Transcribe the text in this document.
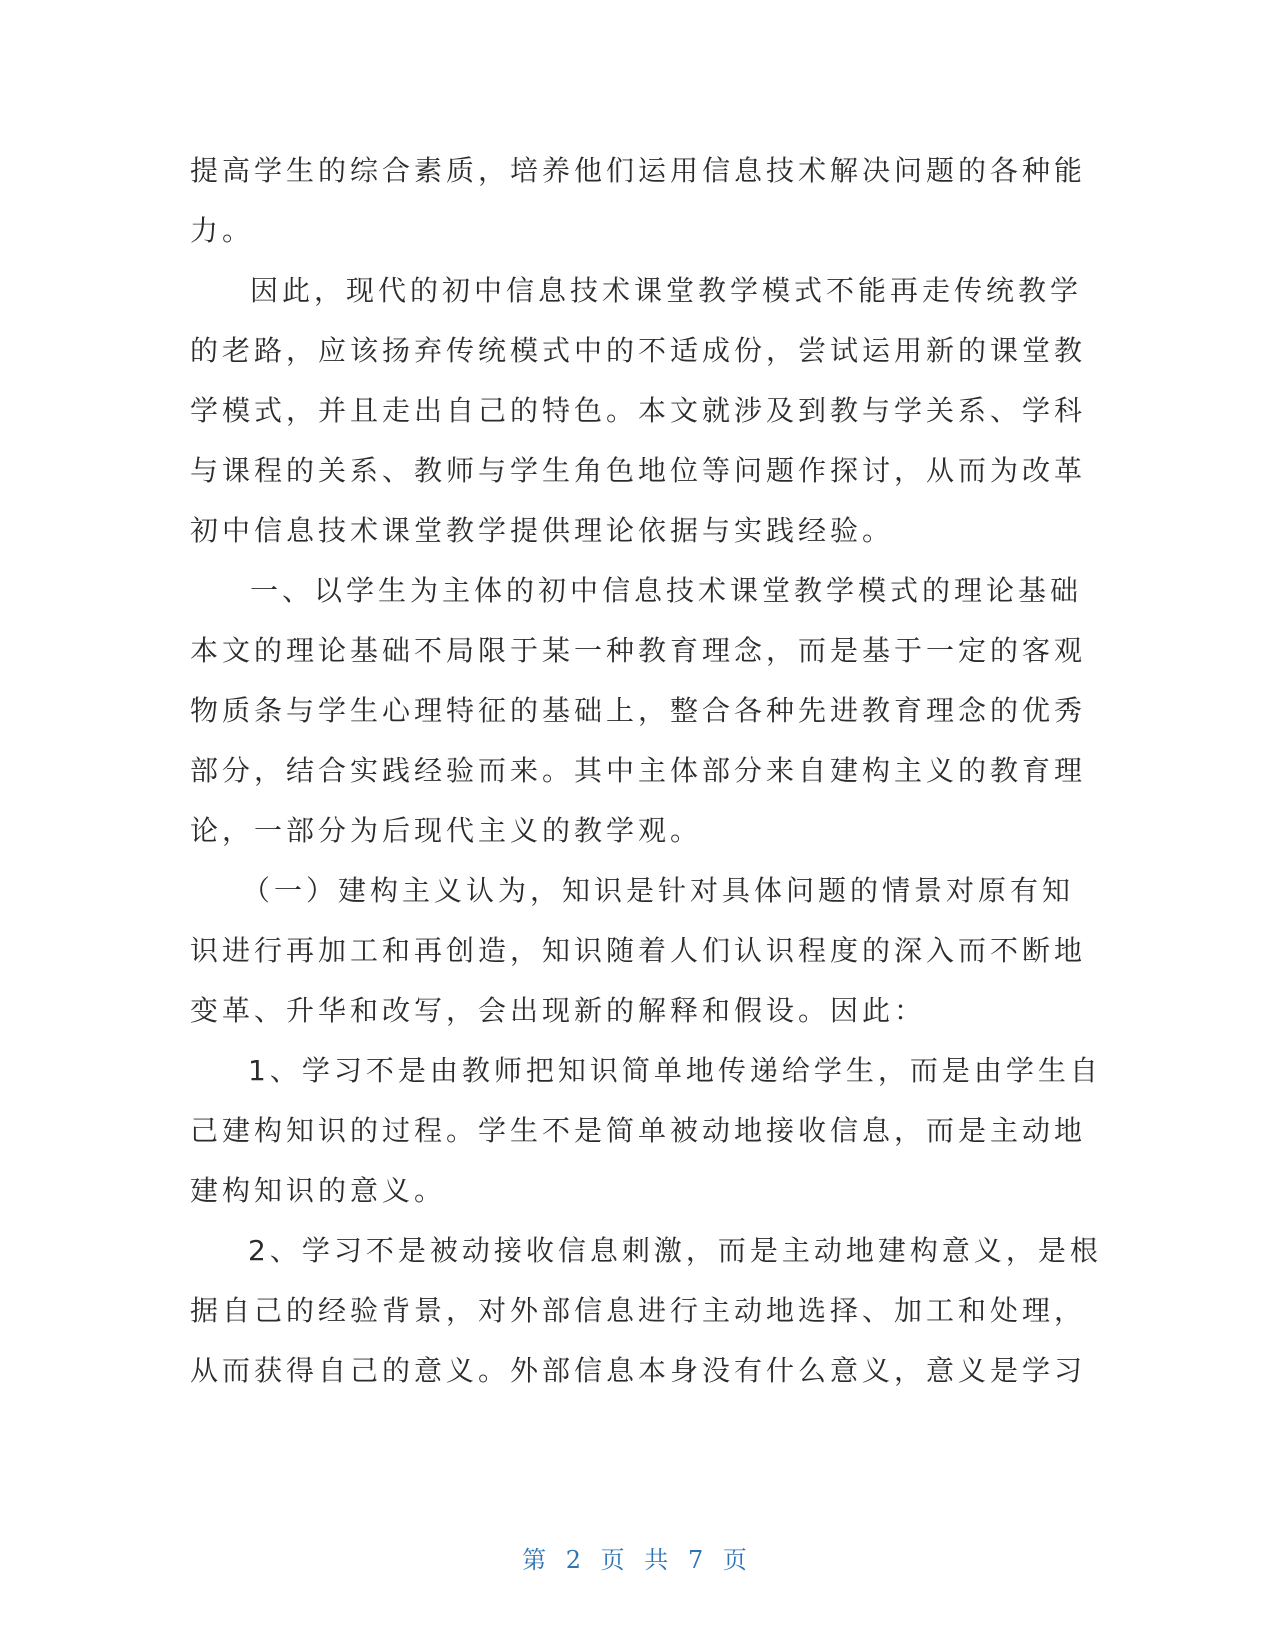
提高学生的综合素质，培养他们运用信息技术解决问题的各种能
力。
因此，现代的初中信息技术课堂教学模式不能再走传统教学
的老路，应该扬弃传统模式中的不适成份，尝试运用新的课堂教
学模式，并且走出自己的特色。本文就涉及到教与学关系、学科
与课程的关系、教师与学生角色地位等问题作探讨，从而为改革
初中信息技术课堂教学提供理论依据与实践经验。
一、以学生为主体的初中信息技术课堂教学模式的理论基础
本文的理论基础不局限于某一种教育理念，而是基于一定的客观
物质条与学生心理特征的基础上，整合各种先进教育理念的优秀
部分，结合实践经验而来。其中主体部分来自建构主义的教育理
论，一部分为后现代主义的教学观。
（一）建构主义认为，知识是针对具体问题的情景对原有知
识进行再加工和再创造，知识随着人们认识程度的深入而不断地
变革、升华和改写，会出现新的解释和假设。因此：
1、学习不是由教师把知识简单地传递给学生，而是由学生自
己建构知识的过程。学生不是简单被动地接收信息，而是主动地
建构知识的意义。
2、学习不是被动接收信息刺激，而是主动地建构意义，是根
据自己的经验背景，对外部信息进行主动地选择、加工和处理，
从而获得自己的意义。外部信息本身没有什么意义，意义是学习
第 2 页 共 7 页
